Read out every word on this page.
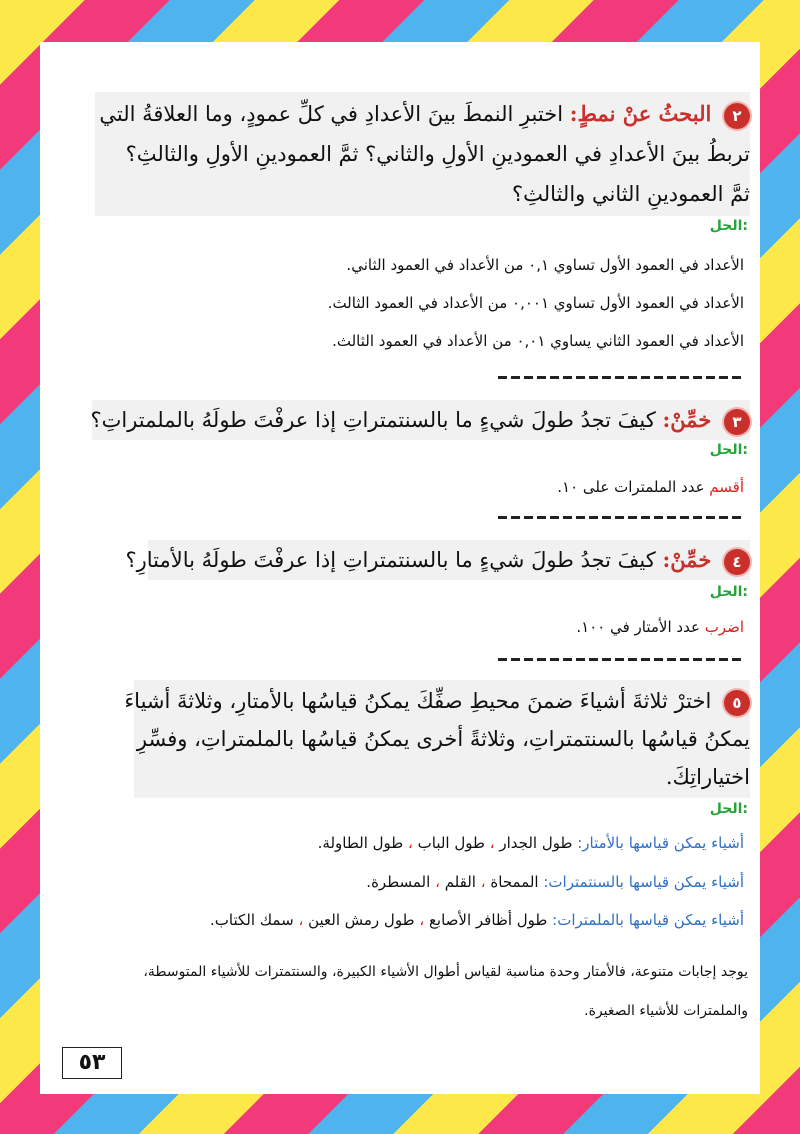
٢ البحثُ عنْ نمطٍ: اختبرِ النمطَ بينَ الأعدادِ في كلِّ عمودٍ، وما العلاقةُ التي
تربطُ بينَ الأعدادِ في العمودينِ الأولِ والثاني؟ ثمَّ العمودينِ الأولِ والثالثِ؟
ثمَّ العمودينِ الثاني والثالثِ؟
الحل:
الأعداد في العمود الأول تساوي ٠,١ من الأعداد في العمود الثاني.
الأعداد في العمود الأول تساوي ٠,٠٠١ من الأعداد في العمود الثالث.
الأعداد في العمود الثاني يساوي ٠,٠١ من الأعداد في العمود الثالث.
٣ خمِّنْ: كيفَ تجدُ طولَ شيءٍ ما بالسنتمتراتِ إذا عرفْتَ طولَهُ بالملمتراتِ؟
الحل:
أقسم عدد الملمترات على ١٠.
٤ خمِّنْ: كيفَ تجدُ طولَ شيءٍ ما بالسنتمتراتِ إذا عرفْتَ طولَهُ بالأمتارِ؟
الحل:
اضرب عدد الأمتار في ١٠٠.
٥ اخترْ ثلاثةَ أشياءَ ضمنَ محيطِ صفِّكَ يمكنُ قياسُها بالأمتارِ، وثلاثةَ أشياءَ
يمكنُ قياسُها بالسنتمتراتِ، وثلاثةً أخرى يمكنُ قياسُها بالملمتراتِ، وفسِّرِ
اختياراتِكَ.
الحل:
أشياء يمكن قياسها بالأمتار: طول الجدار ، طول الباب ، طول الطاولة.
أشياء يمكن قياسها بالسنتمترات: الممحاة ، القلم ، المسطرة.
أشياء يمكن قياسها بالملمترات: طول أظافر الأصابع ، طول رمش العين ، سمك الكتاب.
يوجد إجابات متنوعة، فالأمتار وحدة مناسبة لقياس أطوال الأشياء الكبيرة، والسنتمترات للأشياء المتوسطة،
والملمترات للأشياء الصغيرة.
٥٣
